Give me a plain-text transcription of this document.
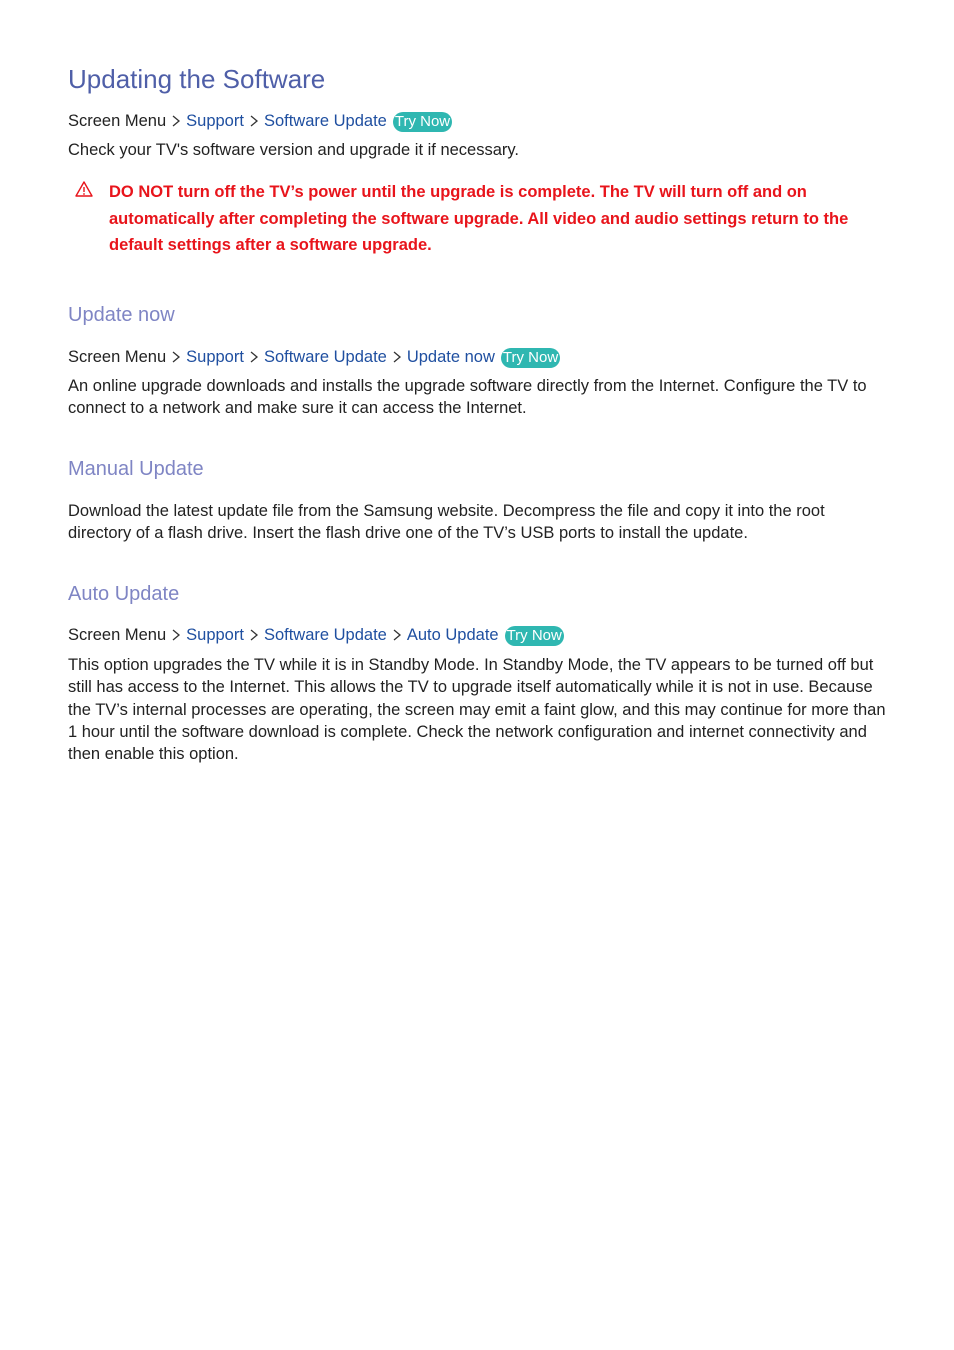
Updating the Software
Screen Menu Support Software Update Try Now
Check your TV's software version and upgrade it if necessary.
DO NOT turn off the TV’s power until the upgrade is complete. The TV will turn off and on automatically after completing the software upgrade. All video and audio settings return to the default settings after a software upgrade.
Update now
Screen Menu Support Software Update Update now Try Now
An online upgrade downloads and installs the upgrade software directly from the Internet. Configure the TV to connect to a network and make sure it can access the Internet.
Manual Update
Download the latest update file from the Samsung website. Decompress the file and copy it into the root directory of a flash drive. Insert the flash drive one of the TV’s USB ports to install the update.
Auto Update
Screen Menu Support Software Update Auto Update Try Now
This option upgrades the TV while it is in Standby Mode. In Standby Mode, the TV appears to be turned off but still has access to the Internet. This allows the TV to upgrade itself automatically while it is not in use. Because the TV’s internal processes are operating, the screen may emit a faint glow, and this may continue for more than 1 hour until the software download is complete. Check the network configuration and internet connectivity and then enable this option.
